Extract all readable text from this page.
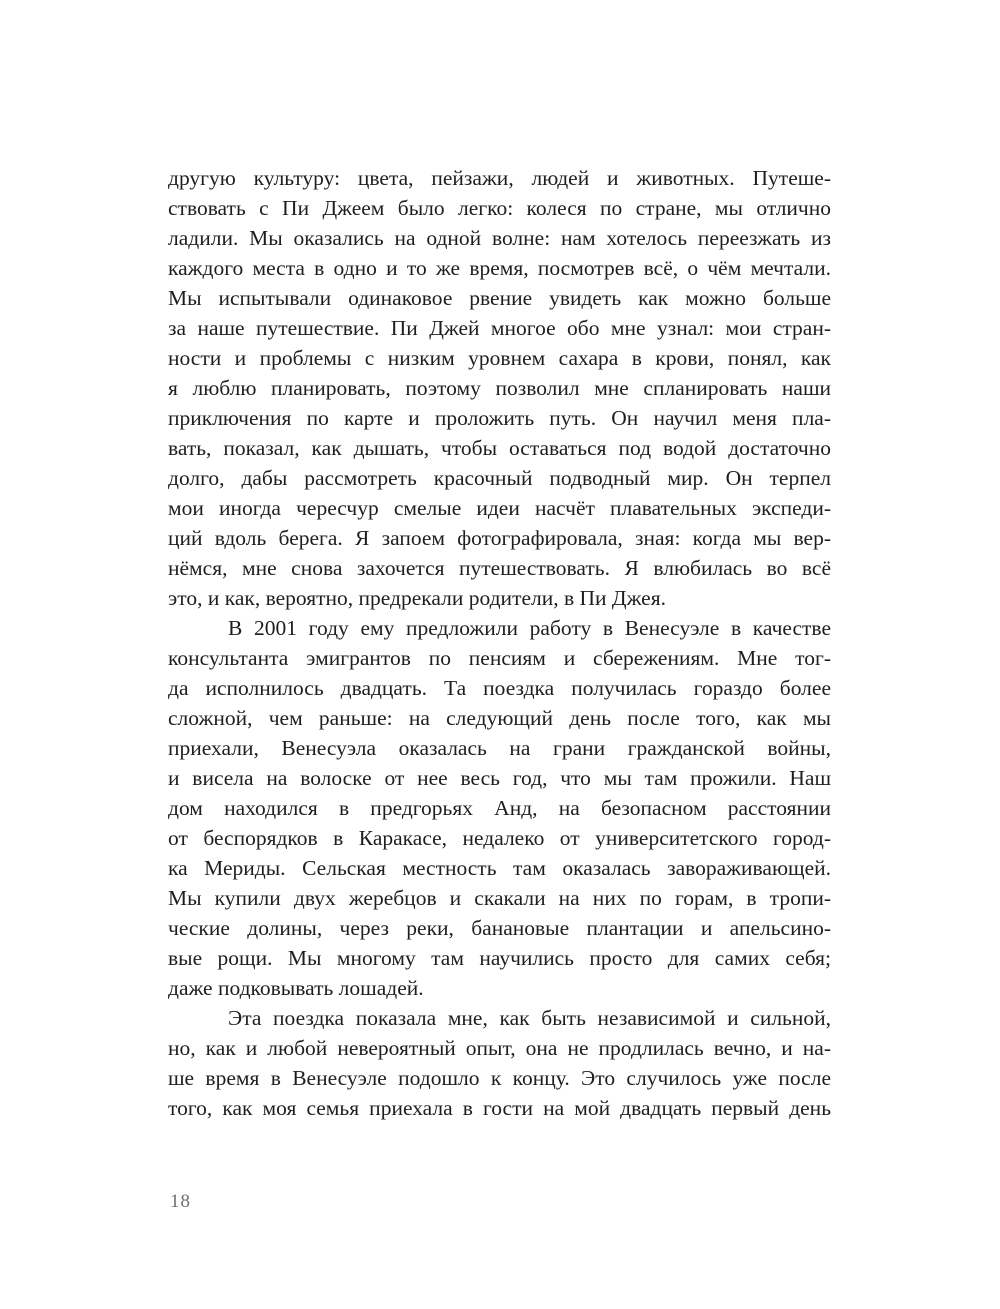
другую культуру: цвета, пейзажи, людей и животных. Путеше-
ствовать с Пи Джеем было легко: колеся по стране, мы отлично
ладили. Мы оказались на одной волне: нам хотелось переезжать из
каждого места в одно и то же время, посмотрев всё, о чём мечтали.
Мы испытывали одинаковое рвение увидеть как можно больше
за наше путешествие. Пи Джей многое обо мне узнал: мои стран-
ности и проблемы с низким уровнем сахара в крови, понял, как
я люблю планировать, поэтому позволил мне спланировать наши
приключения по карте и проложить путь. Он научил меня пла-
вать, показал, как дышать, чтобы оставаться под водой достаточно
долго, дабы рассмотреть красочный подводный мир. Он терпел
мои иногда чересчур смелые идеи насчёт плавательных экспеди-
ций вдоль берега. Я запоем фотографировала, зная: когда мы вер-
нёмся, мне снова захочется путешествовать. Я влюбилась во всё
это, и как, вероятно, предрекали родители, в Пи Джея.
В 2001 году ему предложили работу в Венесуэле в качестве
консультанта эмигрантов по пенсиям и сбережениям. Мне тог-
да исполнилось двадцать. Та поездка получилась гораздо более
сложной, чем раньше: на следующий день после того, как мы
приехали, Венесуэла оказалась на грани гражданской войны,
и висела на волоске от нее весь год, что мы там прожили. Наш
дом находился в предгорьях Анд, на безопасном расстоянии
от беспорядков в Каракасе, недалеко от университетского город-
ка Мериды. Сельская местность там оказалась завораживающей.
Мы купили двух жеребцов и скакали на них по горам, в тропи-
ческие долины, через реки, банановые плантации и апельсино-
вые рощи. Мы многому там научились просто для самих себя;
даже подковывать лошадей.
Эта поездка показала мне, как быть независимой и сильной,
но, как и любой невероятный опыт, она не продлилась вечно, и на-
ше время в Венесуэле подошло к концу. Это случилось уже после
того, как моя семья приехала в гости на мой двадцать первый день
18
